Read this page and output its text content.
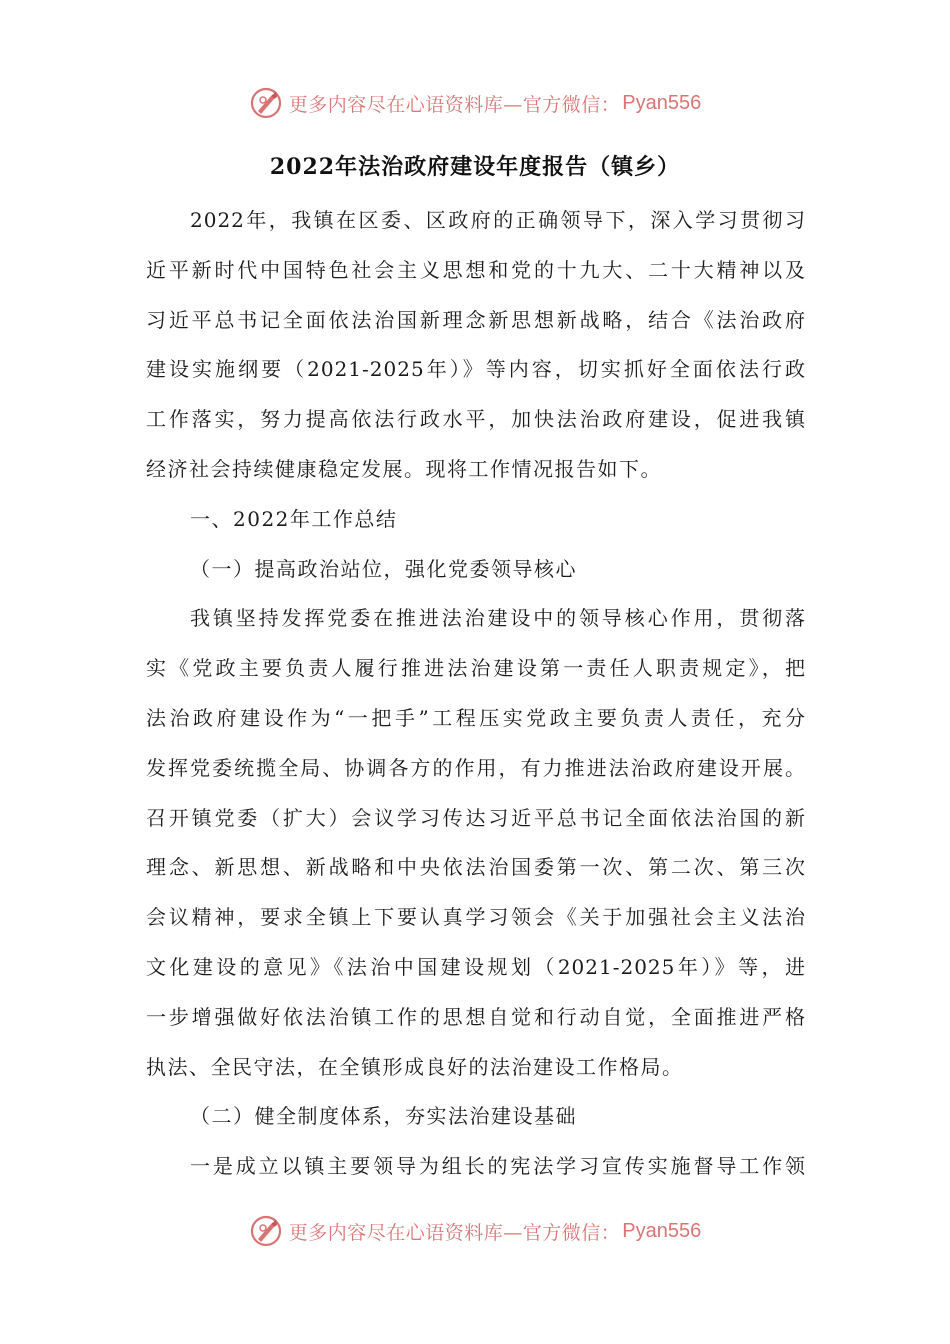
更多内容尽在心语资料库—官方微信： Pyan556
2022年法治政府建设年度报告（镇乡）
2022年，我镇在区委、区政府的正确领导下，深入学习贯彻习
近平新时代中国特色社会主义思想和党的十九大、二十大精神以及
习近平总书记全面依法治国新理念新思想新战略，结合《法治政府
建设实施纲要（2021-2025年）》等内容，切实抓好全面依法行政
工作落实，努力提高依法行政水平，加快法治政府建设，促进我镇
经济社会持续健康稳定发展。现将工作情况报告如下。
一、2022年工作总结
（一）提高政治站位，强化党委领导核心
我镇坚持发挥党委在推进法治建设中的领导核心作用，贯彻落
实《党政主要负责人履行推进法治建设第一责任人职责规定》，把
法治政府建设作为“一把手”工程压实党政主要负责人责任，充分
发挥党委统揽全局、协调各方的作用，有力推进法治政府建设开展。
召开镇党委（扩大）会议学习传达习近平总书记全面依法治国的新
理念、新思想、新战略和中央依法治国委第一次、第二次、第三次
会议精神，要求全镇上下要认真学习领会《关于加强社会主义法治
文化建设的意见》《法治中国建设规划（2021-2025年）》等，进
一步增强做好依法治镇工作的思想自觉和行动自觉，全面推进严格
执法、全民守法，在全镇形成良好的法治建设工作格局。
（二）健全制度体系，夯实法治建设基础
一是成立以镇主要领导为组长的宪法学习宣传实施督导工作领
更多内容尽在心语资料库—官方微信： Pyan556
